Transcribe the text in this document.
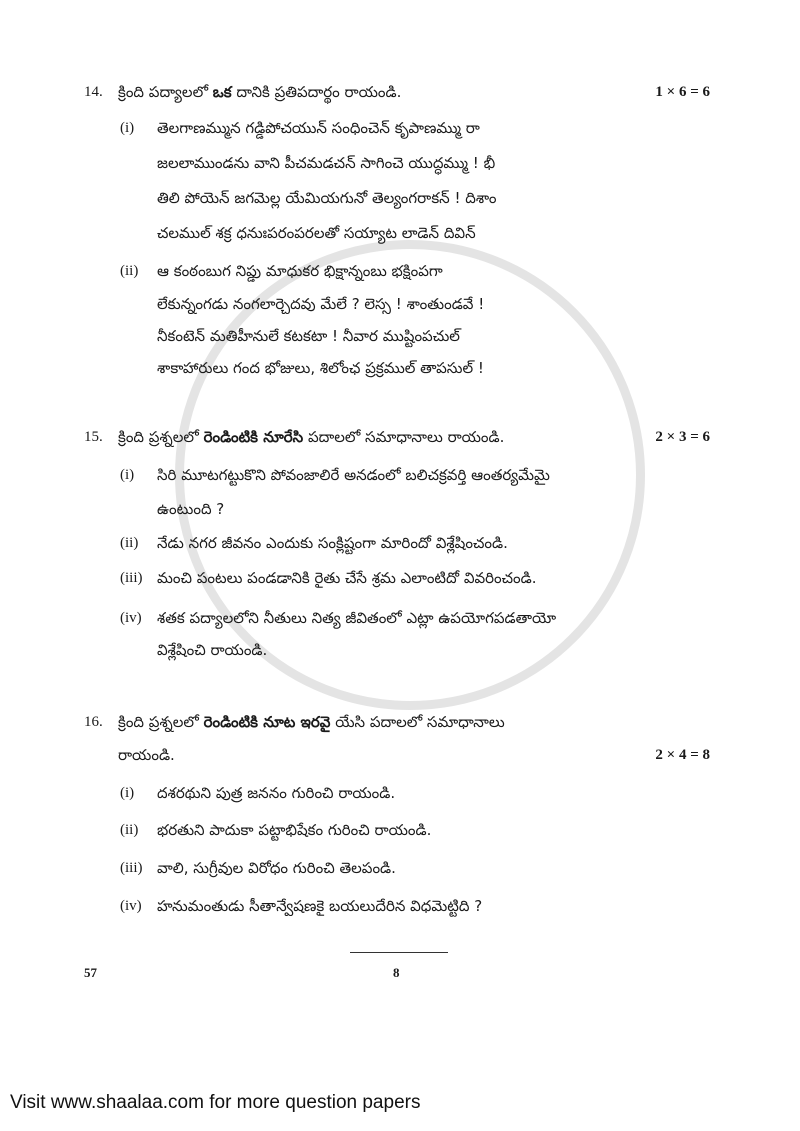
14.	క్రింది పద్యాలలో ఒక దానికి ప్రతిపదార్థం రాయండి.	1 × 6 = 6
(i)	తెలగాణమ్మున గడ్డిపోచయున్ సంధించెన్ కృపాణమ్ము రా
జలలాముండను వాని పీచమడచన్ సాగించె యుద్ధమ్ము ! భీ
తిలి పోయెన్ జగమెల్ల యేమియగునో తెల్యంగరాకన్ ! దిశాం
చలముల్ శక్ర ధనుఃపరంపరలతో సయ్యాట లాడెన్ దివిన్
(ii)	ఆ కంఠంబుగ నిప్డు మాధుకర భిక్షాన్నంబు భక్షింపగా
లేకున్నంగడు నంగలార్చెదవు మేలే ? లెస్స ! శాంతుండవే !
నీకంటెన్ మతిహీనులే కటకటా ! నీవార ముష్టింపచుల్
శాకాహారులు గంద భోజులు, శిలోంఛ ప్రక్రముల్ తాపసుల్ !
15.	క్రింది ప్రశ్నలలో రెండింటికి నూరేసి పదాలలో సమాధానాలు రాయండి.	2 × 3 = 6
(i)	సిరి మూటగట్టుకొని పోవంజాలిరే అనడంలో బలిచక్రవర్తి ఆంతర్యమేమై
ఉంటుంది ?
(ii)	నేడు నగర జీవనం ఎందుకు సంక్లిష్టంగా మారిందో విశ్లేషించండి.
(iii) మంచి పంటలు పండడానికి రైతు చేసే శ్రమ ఎలాంటిదో వివరించండి.
(iv)	శతక పద్యాలలోని నీతులు నిత్య జీవితంలో ఎట్లా ఉపయోగపడతాయో
విశ్లేషించి రాయండి.
16.	క్రింది ప్రశ్నలలో రెండింటికి నూట ఇరవై యేసి పదాలలో సమాధానాలు
రాయండి.	2 × 4 = 8
(i)	దశరథుని పుత్ర జననం గురించి రాయండి.
(ii)	భరతుని పాదుకా పట్టాభిషేకం గురించి రాయండి.
(iii) వాలి, సుగ్రీవుల విరోధం గురించి తెలపండి.
(iv)	హనుమంతుడు సీతాన్వేషణకై బయలుదేరిన విధమెట్టిది ?
57	8
Visit www.shaalaa.com for more question papers
